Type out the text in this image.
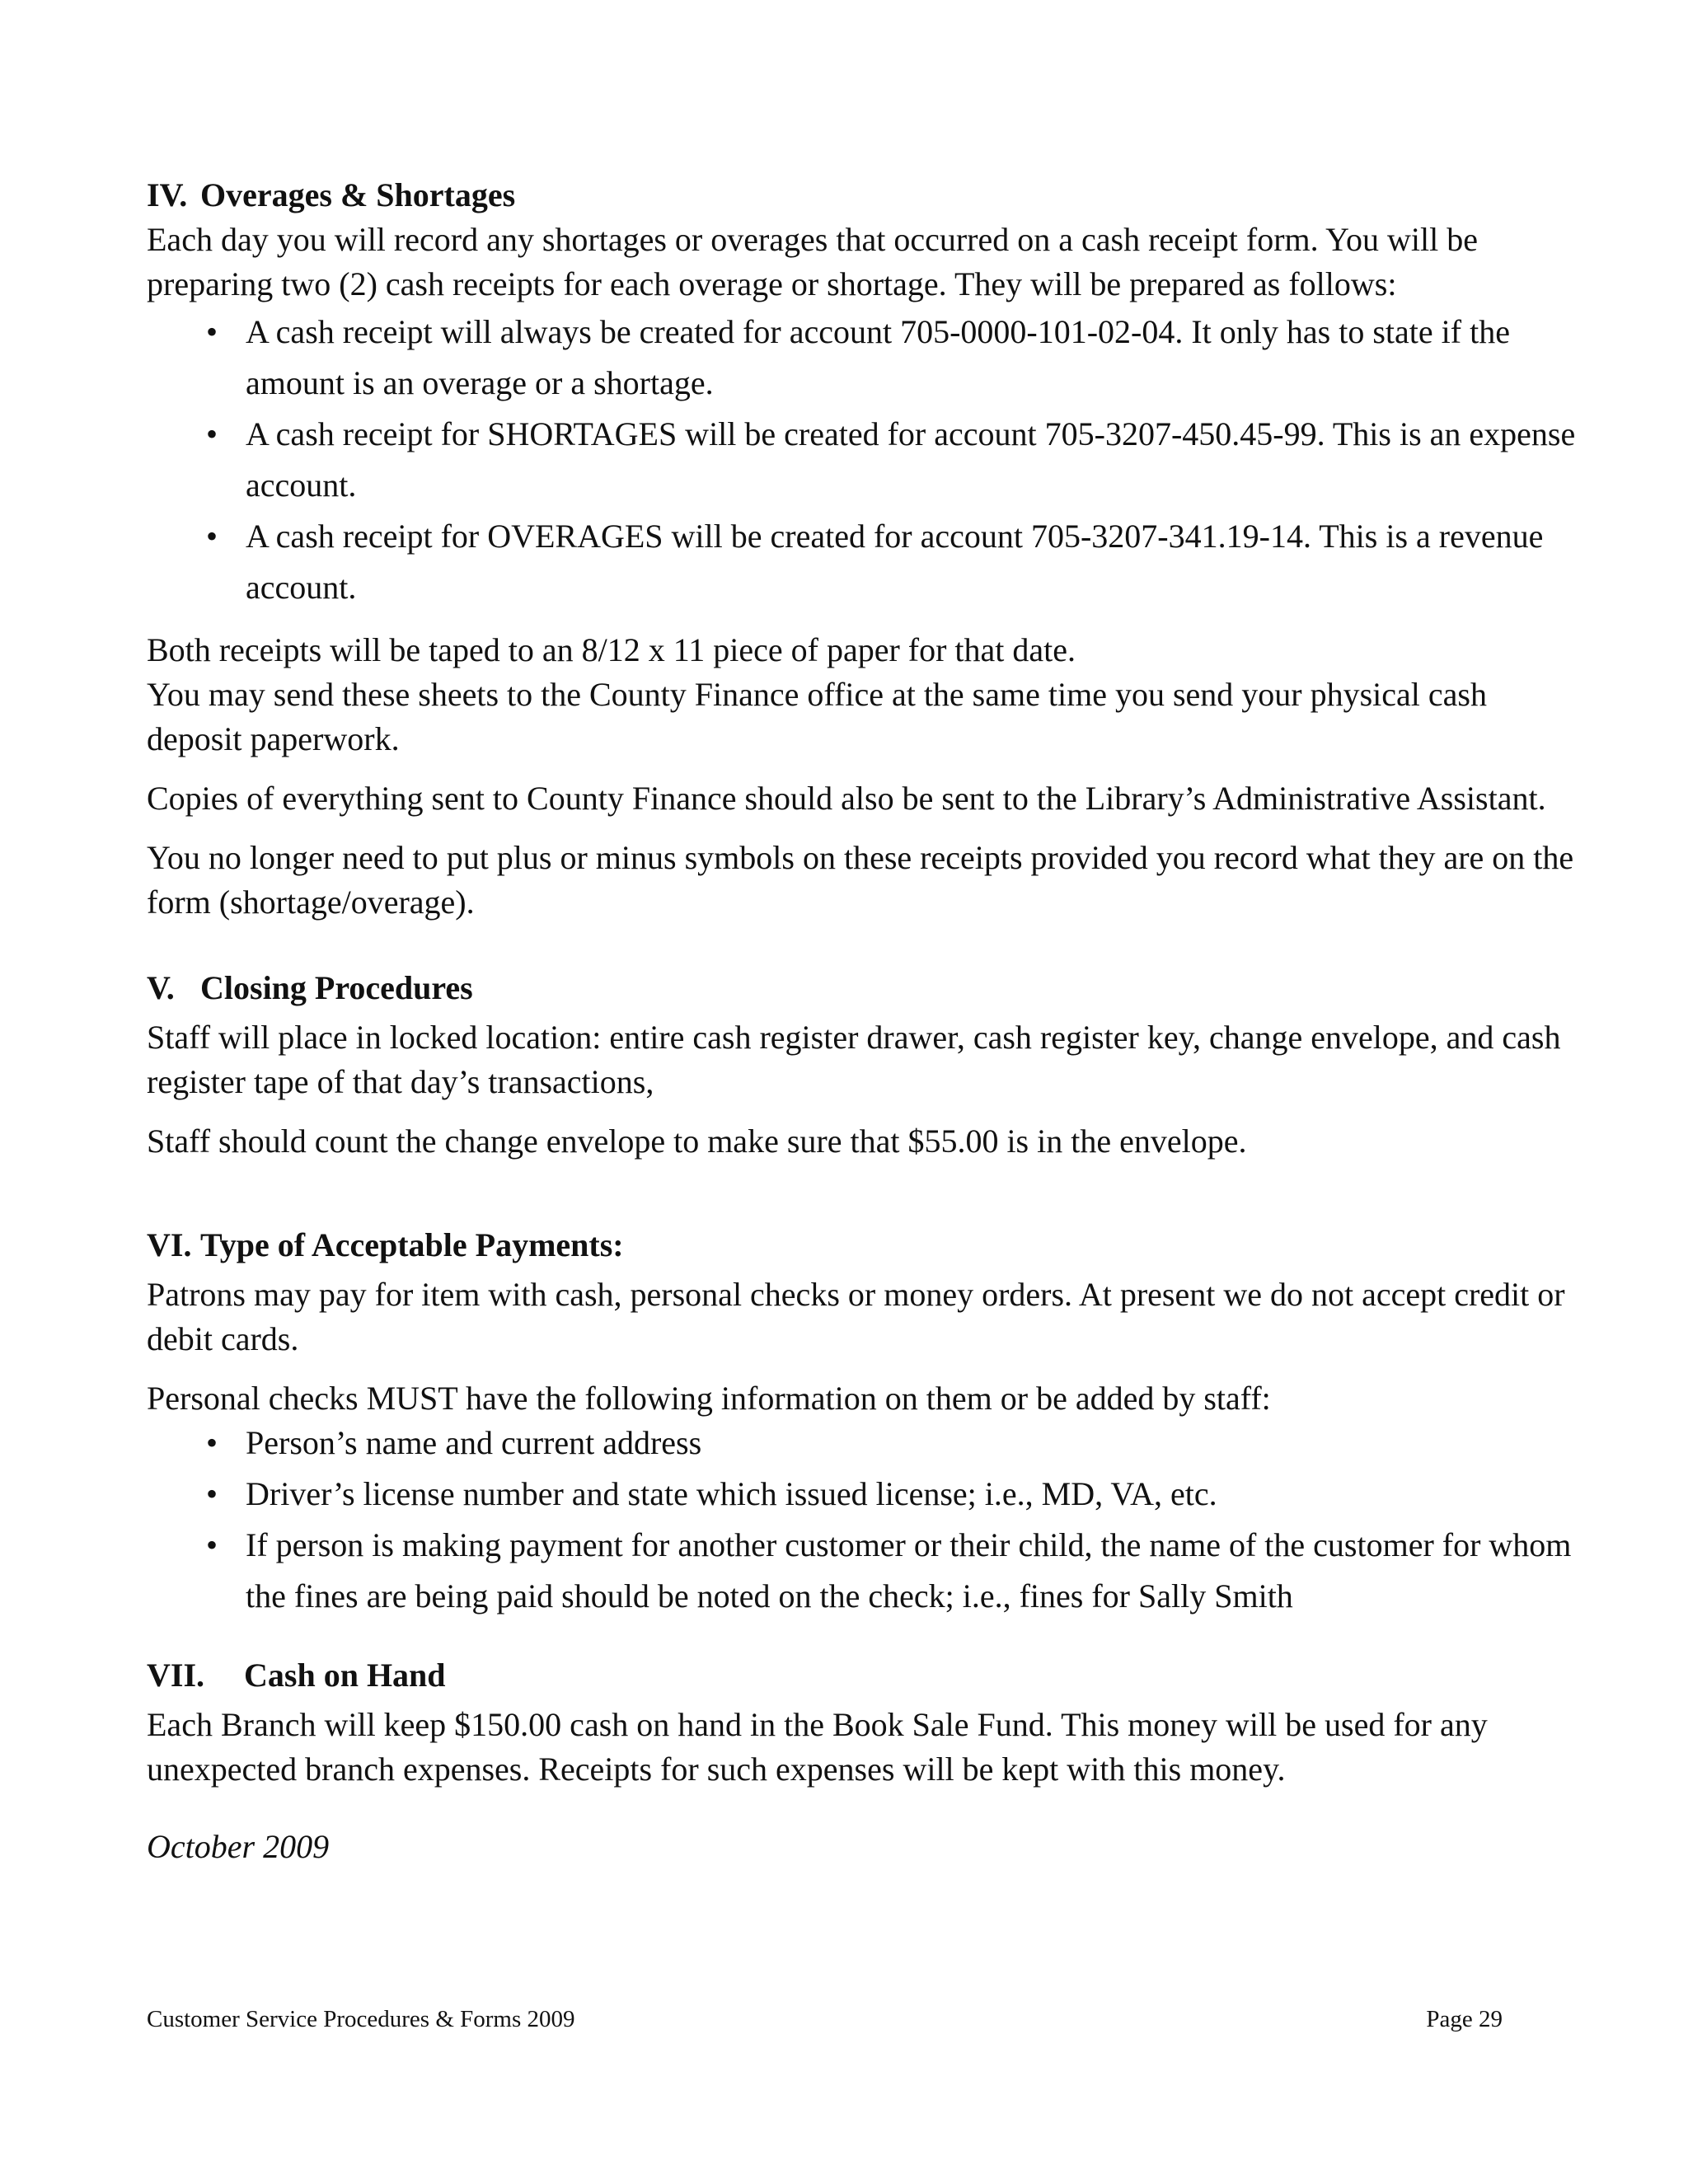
IV. Overages & Shortages

Each day you will record any shortages or overages that occurred on a cash receipt form. You will be preparing two (2) cash receipts for each overage or shortage. They will be prepared as follows:

• A cash receipt will always be created for account 705-0000-101-02-04. It only has to state if the amount is an overage or a shortage.
• A cash receipt for SHORTAGES will be created for account 705-3207-450.45-99. This is an expense account.
• A cash receipt for OVERAGES will be created for account 705-3207-341.19-14. This is a revenue account.

Both receipts will be taped to an 8/12 x 11 piece of paper for that date.

You may send these sheets to the County Finance office at the same time you send your physical cash deposit paperwork.

Copies of everything sent to County Finance should also be sent to the Library’s Administrative Assistant.

You no longer need to put plus or minus symbols on these receipts provided you record what they are on the form (shortage/overage).

V. Closing Procedures

Staff will place in locked location: entire cash register drawer, cash register key, change envelope, and cash register tape of that day’s transactions,

Staff should count the change envelope to make sure that $55.00 is in the envelope.

VI. Type of Acceptable Payments:

Patrons may pay for item with cash, personal checks or money orders. At present we do not accept credit or debit cards.

Personal checks MUST have the following information on them or be added by staff:

• Person’s name and current address
• Driver’s license number and state which issued license; i.e., MD, VA, etc.
• If person is making payment for another customer or their child, the name of the customer for whom the fines are being paid should be noted on the check; i.e., fines for Sally Smith
VII.	Cash on Hand

Each Branch will keep $150.00 cash on hand in the Book Sale Fund. This money will be used for any unexpected branch expenses. Receipts for such expenses will be kept with this money.

October 2009

Customer Service Procedures & Forms 2009	Page 29
